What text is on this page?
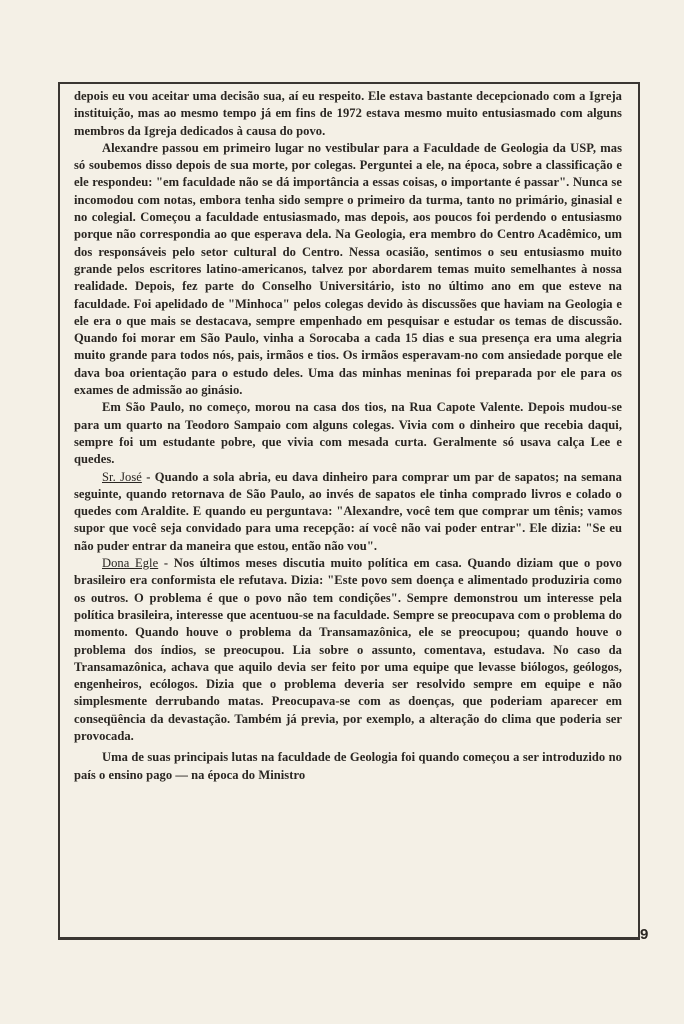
depois eu vou aceitar uma decisão sua, aí eu respeito. Ele estava bastante decepcionado com a Igreja instituição, mas ao mesmo tempo já em fins de 1972 estava mesmo muito entusiasmado com alguns membros da Igreja dedicados à causa do povo.

Alexandre passou em primeiro lugar no vestibular para a Faculdade de Geologia da USP, mas só soubemos disso depois de sua morte, por colegas. Perguntei a ele, na época, sobre a classificação e ele respondeu: "em faculdade não se dá importância a essas coisas, o importante é passar". Nunca se incomodou com notas, embora tenha sido sempre o primeiro da turma, tanto no primário, ginasial e no colegial. Começou a faculdade entusiasmado, mas depois, aos poucos foi perdendo o entusiasmo porque não correspondia ao que esperava dela. Na Geologia, era membro do Centro Acadêmico, um dos responsáveis pelo setor cultural do Centro. Nessa ocasião, sentimos o seu entusiasmo muito grande pelos escritores latino-americanos, talvez por abordarem temas muito semelhantes à nossa realidade. Depois, fez parte do Conselho Universitário, isto no último ano em que esteve na faculdade. Foi apelidado de "Minhoca" pelos colegas devido às discussões que haviam na Geologia e ele era o que mais se destacava, sempre empenhado em pesquisar e estudar os temas de discussão. Quando foi morar em São Paulo, vinha a Sorocaba a cada 15 dias e sua presença era uma alegria muito grande para todos nós, pais, irmãos e tios. Os irmãos esperavam-no com ansiedade porque ele dava boa orientação para o estudo deles. Uma das minhas meninas foi preparada por ele para os exames de admissão ao ginásio.

Em São Paulo, no começo, morou na casa dos tios, na Rua Capote Valente. Depois mudou-se para um quarto na Teodoro Sampaio com alguns colegas. Vivia com o dinheiro que recebia daqui, sempre foi um estudante pobre, que vivia com mesada curta. Geralmente só usava calça Lee e quedes.

Sr. José - Quando a sola abria, eu dava dinheiro para comprar um par de sapatos; na semana seguinte, quando retornava de São Paulo, ao invés de sapatos ele tinha comprado livros e colado o quedes com Araldite. E quando eu perguntava: "Alexandre, você tem que comprar um tênis; vamos supor que você seja convidado para uma recepção: aí você não vai poder entrar". Ele dizia: "Se eu não puder entrar da maneira que estou, então não vou".

Dona Egle - Nos últimos meses discutia muito política em casa. Quando diziam que o povo brasileiro era conformista ele refutava. Dizia: "Este povo sem doença e alimentado produziria como os outros. O problema é que o povo não tem condições". Sempre demonstrou um interesse pela política brasileira, interesse que acentuou-se na faculdade. Sempre se preocupava com o problema do momento. Quando houve o problema da Transamazônica, ele se preocupou; quando houve o problema dos índios, se preocupou. Lia sobre o assunto, comentava, estudava. No caso da Transamazônica, achava que aquilo devia ser feito por uma equipe que levasse biólogos, geólogos, engenheiros, ecólogos. Dizia que o problema deveria ser resolvido sempre em equipe e não simplesmente derrubando matas. Preocupava-se com as doenças, que poderiam aparecer em conseqüência da devastação. Também já previa, por exemplo, a alteração do clima que poderia ser provocada.

Uma de suas principais lutas na faculdade de Geologia foi quando começou a ser introduzido no país o ensino pago — na época do Ministro

9
